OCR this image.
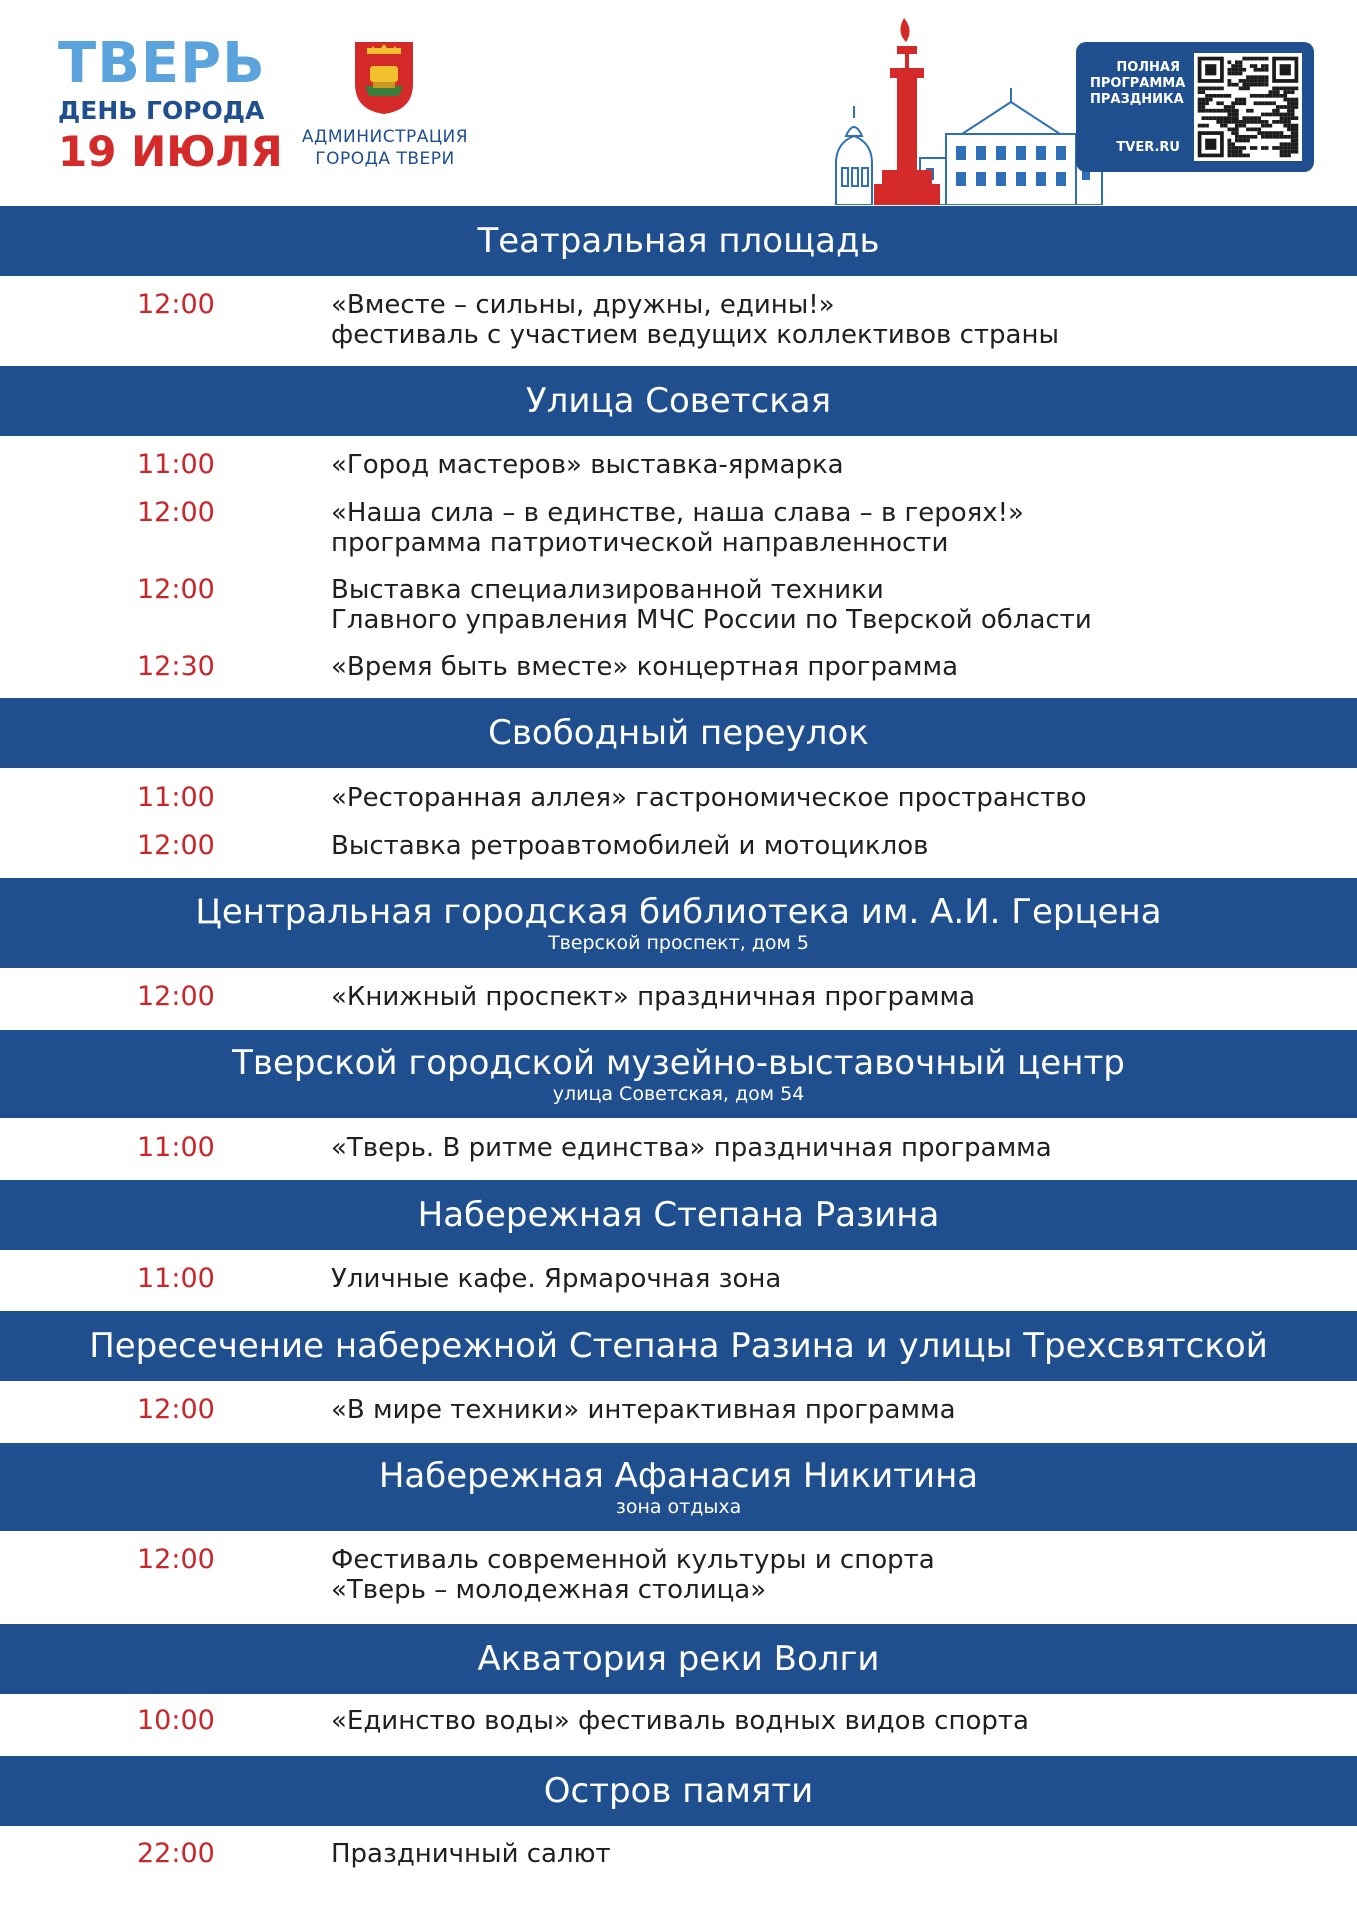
ТВЕРЬ
ДЕНЬ ГОРОДА
19 ИЮЛЯ	АДМИНИСТРАЦИЯ
ГОРОДА ТВЕРИ
ПОЛНАЯ
ПРОГРАММА
ПРАЗДНИКА
TVER.RU
Театральная площадь
12:00	«Вместе – сильны, дружны, едины!»
фестиваль с участием ведущих коллективов страны
Улица Советская
11:00	«Город мастеров» выставка-ярмарка
12:00	«Наша сила – в единстве, наша слава – в героях!»
программа патриотической направленности
12:00	Выставка специализированной техники
Главного управления МЧС России по Тверской области
12:30	«Время быть вместе» концертная программа
Свободный переулок
11:00	«Ресторанная аллея» гастрономическое пространство
12:00	Выставка ретроавтомобилей и мотоциклов
Центральная городская библиотека им. А.И. Герцена
Тверской проспект, дом 5
12:00	«Книжный проспект» праздничная программа
Тверской городской музейно-выставочный центр
улица Советская, дом 54
11:00	«Тверь. В ритме единства» праздничная программа
Набережная Степана Разина
11:00	Уличные кафе. Ярмарочная зона
Пересечение набережной Степана Разина и улицы Трехсвятской
12:00	«В мире техники» интерактивная программа
Набережная Афанасия Никитина
зона отдыха
12:00	Фестиваль современной культуры и спорта
«Тверь – молодежная столица»
Акватория реки Волги
10:00	«Единство воды» фестиваль водных видов спорта
Остров памяти
22:00	Праздничный салют
